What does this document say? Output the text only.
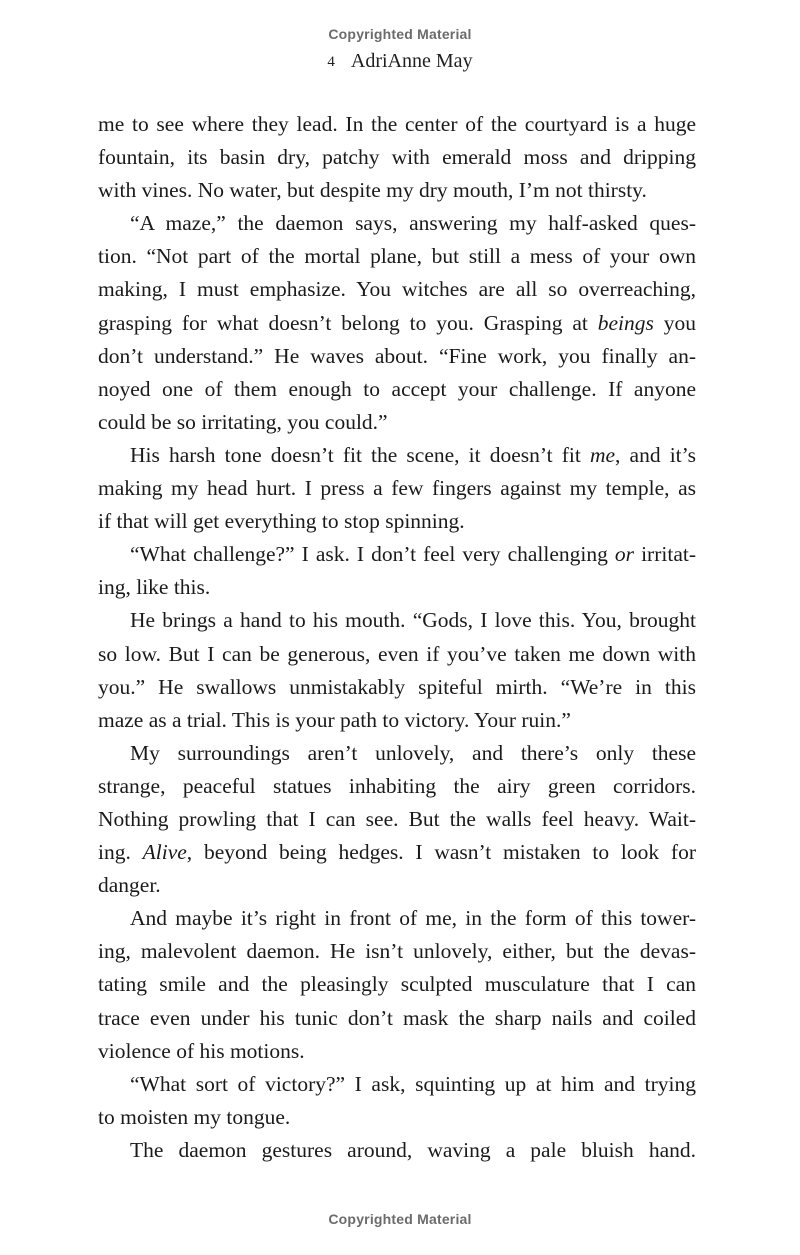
Copyrighted Material
4 AdriAnne May
me to see where they lead. In the center of the courtyard is a huge
fountain, its basin dry, patchy with emerald moss and dripping
with vines. No water, but despite my dry mouth, I’m not thirsty.
“A maze,” the daemon says, answering my half-asked ques-
tion. “Not part of the mortal plane, but still a mess of your own
making, I must emphasize. You witches are all so overreaching,
grasping for what doesn’t belong to you. Grasping at beings you
don’t understand.” He waves about. “Fine work, you finally an-
noyed one of them enough to accept your challenge. If anyone
could be so irritating, you could.”
His harsh tone doesn’t fit the scene, it doesn’t fit me, and it’s
making my head hurt. I press a few fingers against my temple, as
if that will get everything to stop spinning.
“What challenge?” I ask. I don’t feel very challenging or irritat-
ing, like this.
He brings a hand to his mouth. “Gods, I love this. You, brought
so low. But I can be generous, even if you’ve taken me down with
you.” He swallows unmistakably spiteful mirth. “We’re in this
maze as a trial. This is your path to victory. Your ruin.”
My surroundings aren’t unlovely, and there’s only these
strange, peaceful statues inhabiting the airy green corridors.
Nothing prowling that I can see. But the walls feel heavy. Wait-
ing. Alive, beyond being hedges. I wasn’t mistaken to look for
danger.
And maybe it’s right in front of me, in the form of this tower-
ing, malevolent daemon. He isn’t unlovely, either, but the devas-
tating smile and the pleasingly sculpted musculature that I can
trace even under his tunic don’t mask the sharp nails and coiled
violence of his motions.
“What sort of victory?” I ask, squinting up at him and trying
to moisten my tongue.
The daemon gestures around, waving a pale bluish hand.
Copyrighted Material
